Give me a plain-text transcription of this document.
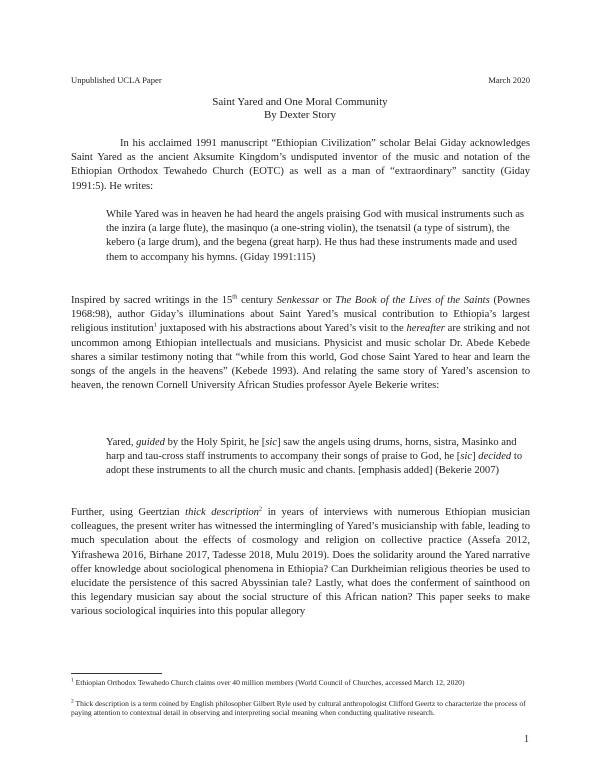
Unpublished UCLA Paper	March 2020
Saint Yared and One Moral Community
By Dexter Story

In his acclaimed 1991 manuscript “Ethiopian Civilization” scholar Belai Giday acknowledges Saint Yared as the ancient Aksumite Kingdom’s undisputed inventor of the music and notation of the Ethiopian Orthodox Tewahedo Church (EOTC) as well as a man of “extraordinary” sanctity (Giday 1991:5). He writes:

While Yared was in heaven he had heard the angels praising God with musical instruments such as the inzira (a large flute), the masinquo (a one-string violin), the tsenatsil (a type of sistrum), the kebero (a large drum), and the begena (great harp). He thus had these instruments made and used them to accompany his hymns. (Giday 1991:115)

Inspired by sacred writings in the 15th century Senkessar or The Book of the Lives of the Saints (Pownes 1968:98), author Giday’s illuminations about Saint Yared’s musical contribution to Ethiopia’s largest religious institution$^1$ juxtaposed with his abstractions about Yared’s visit to the hereafter are striking and not uncommon among Ethiopian intellectuals and musicians. Physicist and music scholar Dr. Abede Kebede shares a similar testimony noting that “while from this world, God chose Saint Yared to hear and learn the songs of the angels in the heavens” (Kebede 1993). And relating the same story of Yared’s ascension to heaven, the renown Cornell University African Studies professor Ayele Bekerie writes:

Yared, guided by the Holy Spirit, he [sic] saw the angels using drums, horns, sistra, Masinko and harp and tau-cross staff instruments to accompany their songs of praise to God, he [sic] decided to adopt these instruments to all the church music and chants. [emphasis added] (Bekerie 2007)

Further, using Geertzian thick description$^2$ in years of interviews with numerous Ethiopian musician colleagues, the present writer has witnessed the intermingling of Yared’s musicianship with fable, leading to much speculation about the effects of cosmology and religion on collective practice (Assefa 2012, Yifrashewa 2016, Birhane 2017, Tadesse 2018, Mulu 2019). Does the solidarity around the Yared narrative offer knowledge about sociological phenomena in Ethiopia? Can Durkheimian religious theories be used to elucidate the persistence of this sacred Abyssinian tale? Lastly, what does the conferment of sainthood on this legendary musician say about the social structure of this African nation? This paper seeks to make various sociological inquiries into this popular allegory

$^1$ Ethiopian Orthodox Tewahedo Church claims over 40 million members (World Council of Churches, accessed March 12, 2020)
$^2$ Thick description is a term coined by English philosopher Gilbert Ryle used by cultural anthropologist Clifford Geertz to characterize the process of paying attention to contextual detail in observing and interpreting social meaning when conducting qualitative research.
1
